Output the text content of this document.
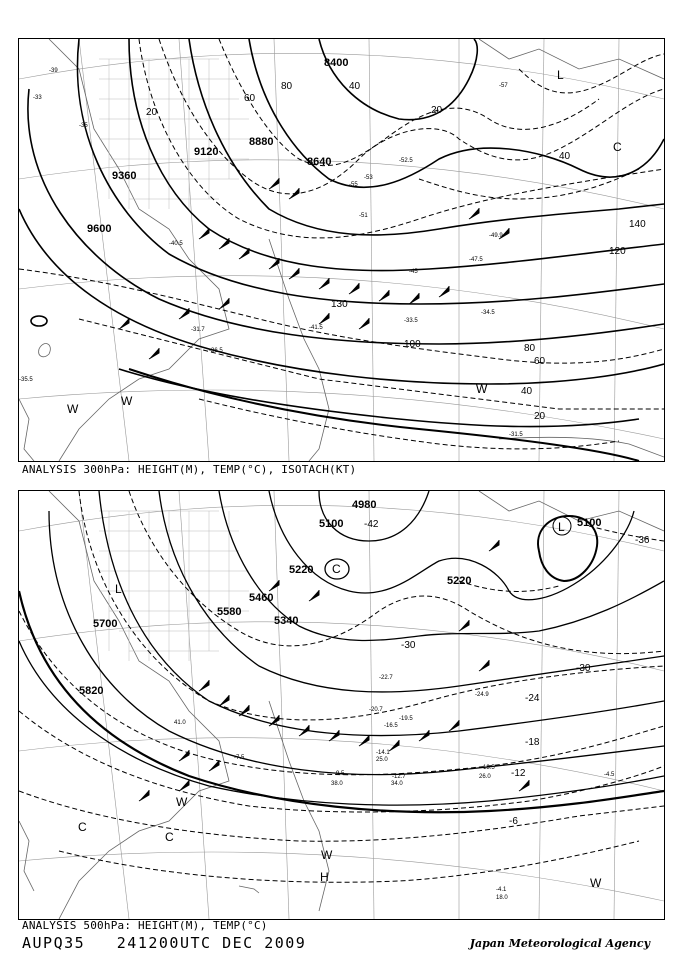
8400
8880
8640
9120
9360
9600
20	20
20
40
40
40
60
60
80
80
100
120
130
140
-33
-35
-39
-40.5
-41.5
-45
-47.5
-49.9
-51
-52.5
-53
-55
-57
-31.5
-34.5
-36.5
-33.5
-31.7
-35.5
L
C
W
W
W
ANALYSIS 300hPa: HEIGHT(M), TEMP(°C), ISOTACH(KT)
4980
5100	5100
5220
5220
5340
5460
5580
5700
5820
-42
-36
-30
-30
-24
-18
-12
-6
-24.9
-22.7
-20.7
-19.5
-16.5
-14.1
-13.5
-12.7
-9.5
-7.5
-4.5
-4.1
25.0
26.0
34.0
38.0
41.0
18.0
L
L
C
C
C
H
W
W
W
ANALYSIS 500hPa: HEIGHT(M), TEMP(°C)
AUPQ35 241200UTC DEC 2009	Japan Meteorological Agency
